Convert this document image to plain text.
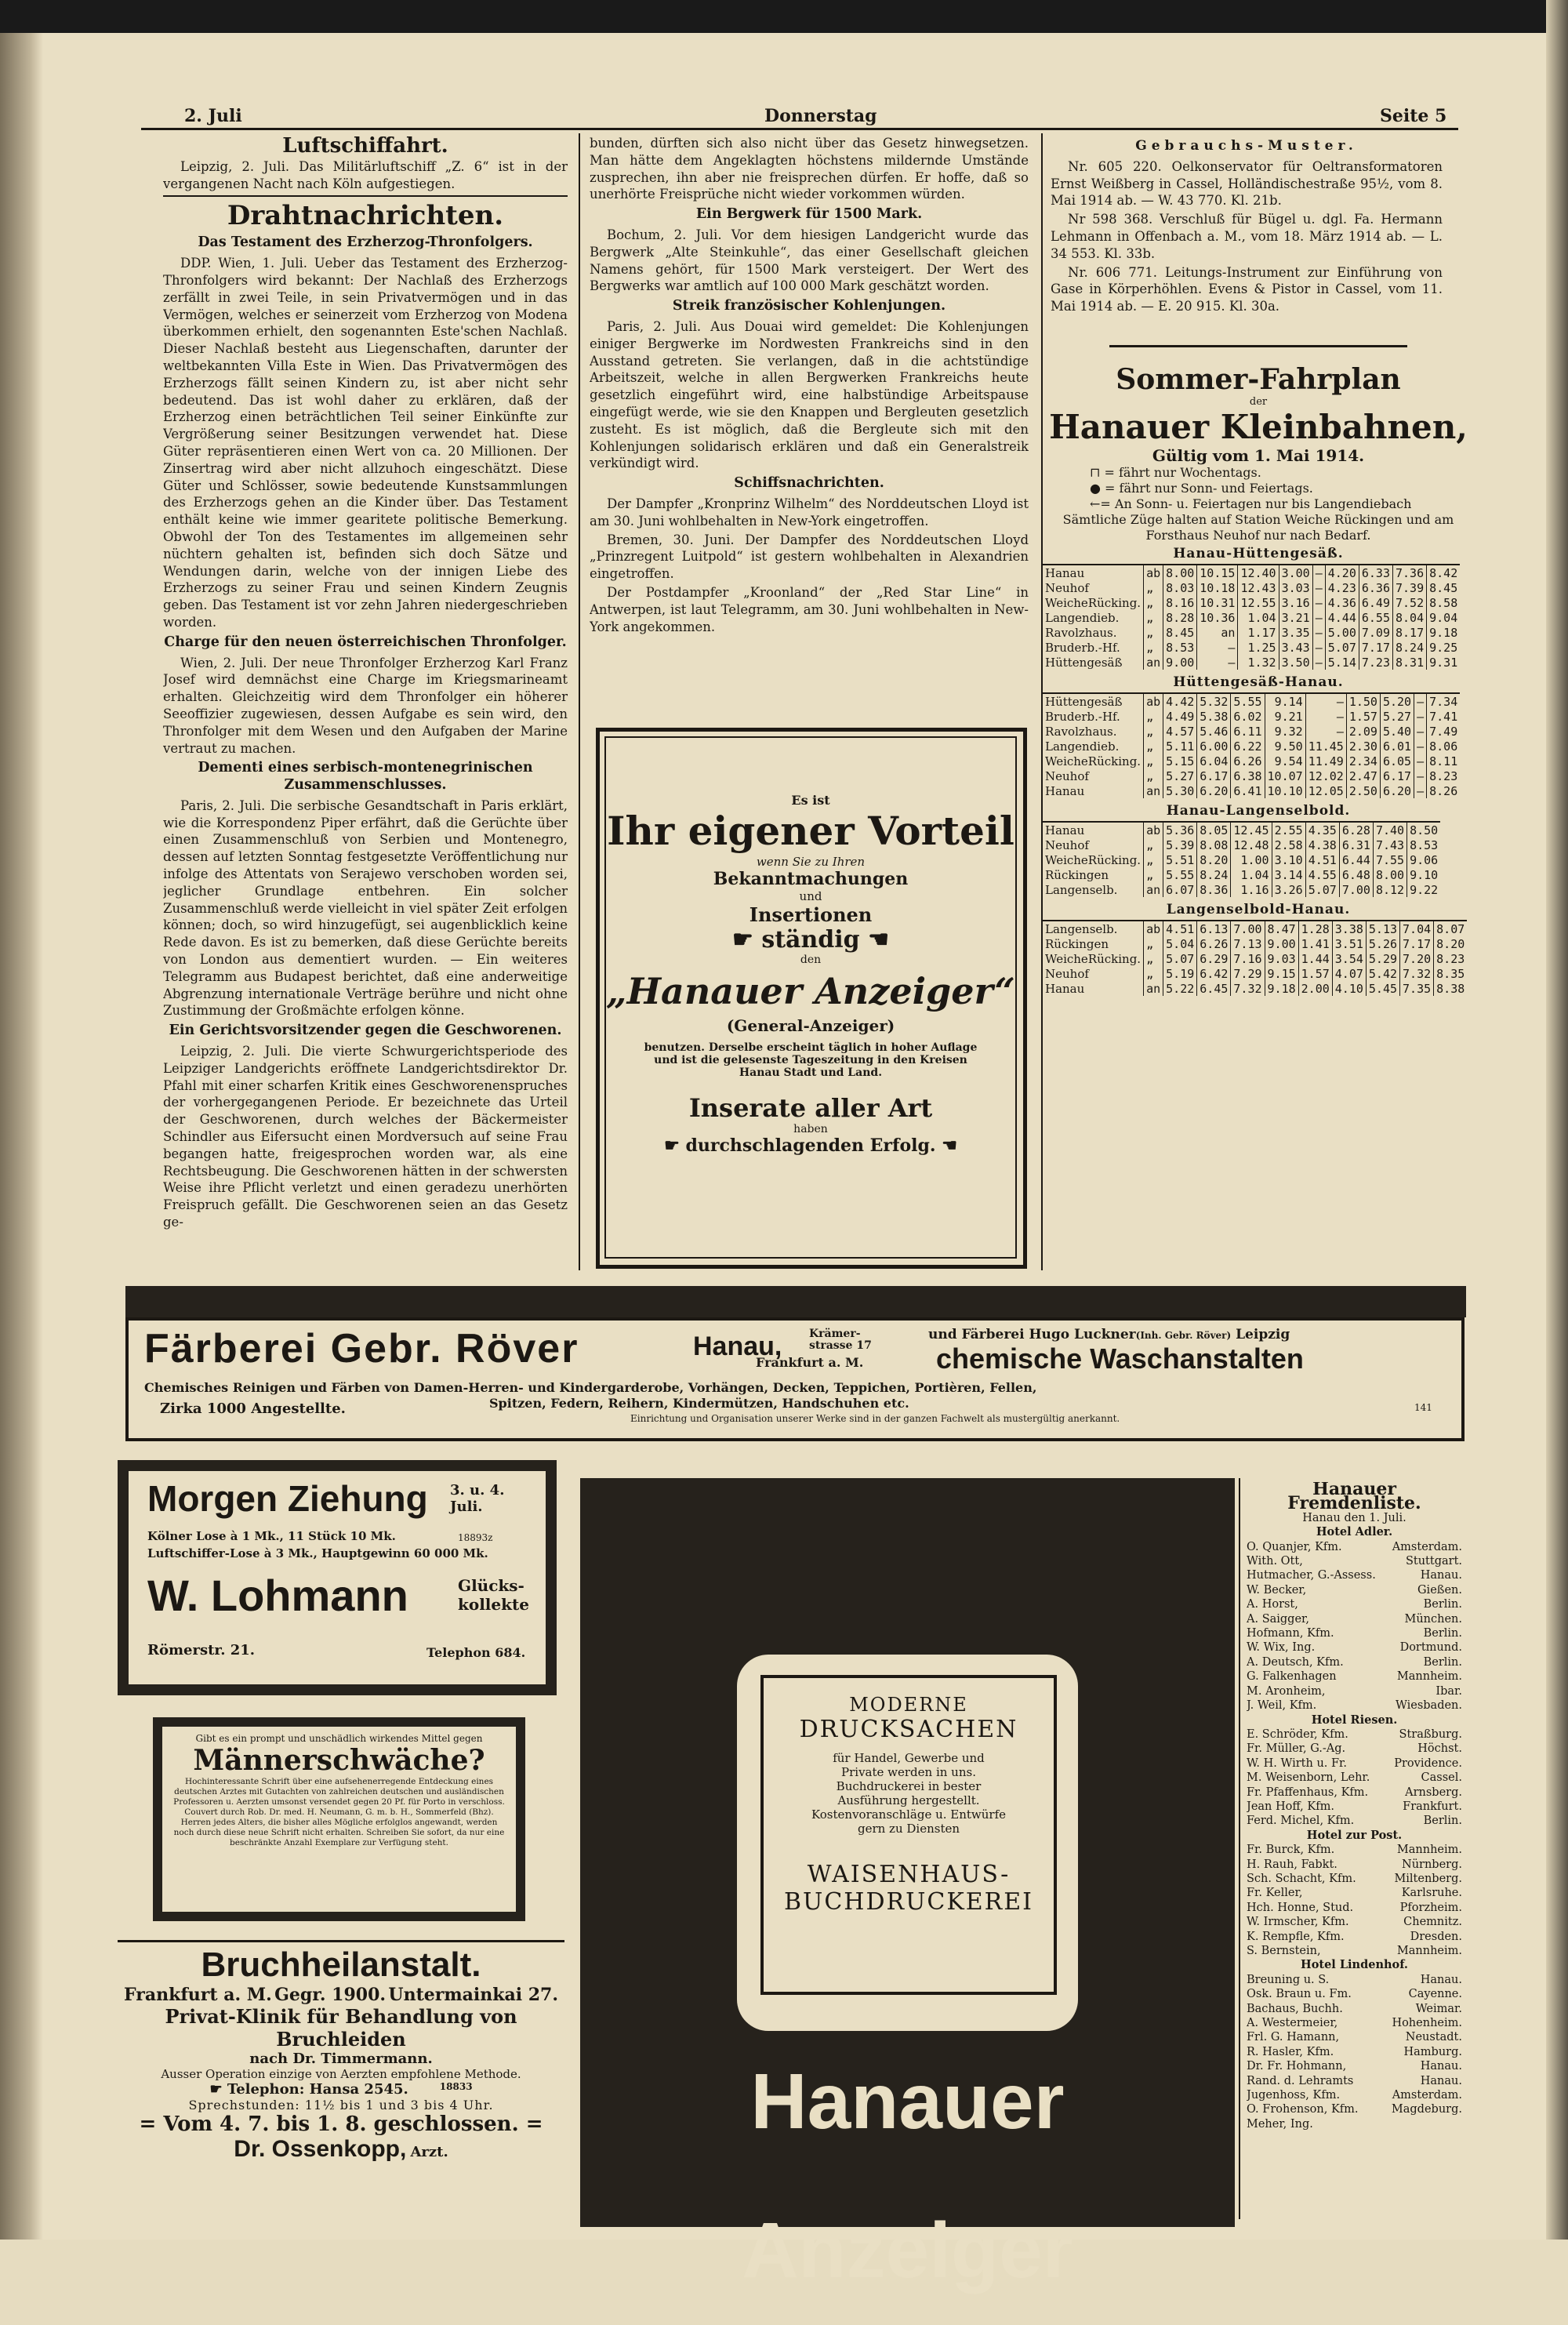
2. Juli	Donnerstag	Seite 5
Luftschiffahrt.

Leipzig, 2. Juli. Das Militärluftschiff „Z. 6“ ist in der vergangenen Nacht nach Köln aufgestiegen.

Drahtnachrichten.
Das Testament des Erzherzog-Thronfolgers.

DDP. Wien, 1. Juli. Ueber das Testament des Erzherzog-Thronfolgers wird bekannt: Der Nachlaß des Erzherzogs zerfällt in zwei Teile, in sein Privatvermögen und in das Vermögen, welches er seinerzeit vom Erzherzog von Modena überkommen erhielt, den sogenannten Este'schen Nachlaß. Dieser Nachlaß besteht aus Liegenschaften, darunter der weltbekannten Villa Este in Wien. Das Privatvermögen des Erzherzogs fällt seinen Kindern zu, ist aber nicht sehr bedeutend. Das ist wohl daher zu erklären, daß der Erzherzog einen beträchtlichen Teil seiner Einkünfte zur Vergrößerung seiner Besitzungen verwendet hat. Diese Güter repräsentieren einen Wert von ca. 20 Millionen. Der Zinsertrag wird aber nicht allzuhoch eingeschätzt. Diese Güter und Schlösser, sowie bedeutende Kunstsammlungen des Erzherzogs gehen an die Kinder über. Das Testament enthält keine wie immer gearitete politische Bemerkung. Obwohl der Ton des Testamentes im allgemeinen sehr nüchtern gehalten ist, befinden sich doch Sätze und Wendungen darin, welche von der innigen Liebe des Erzherzogs zu seiner Frau und seinen Kindern Zeugnis geben. Das Testament ist vor zehn Jahren niedergeschrieben worden.

Charge für den neuen österreichischen Thronfolger.

Wien, 2. Juli. Der neue Thronfolger Erzherzog Karl Franz Josef wird demnächst eine Charge im Kriegsmarineamt erhalten. Gleichzeitig wird dem Thronfolger ein höherer Seeoffizier zugewiesen, dessen Aufgabe es sein wird, den Thronfolger mit dem Wesen und den Aufgaben der Marine vertraut zu machen.

Dementi eines serbisch-montenegrinischen Zusammenschlusses.

Paris, 2. Juli. Die serbische Gesandtschaft in Paris erklärt, wie die Korrespondenz Piper erfährt, daß die Gerüchte über einen Zusammenschluß von Serbien und Montenegro, dessen auf letzten Sonntag festgesetzte Veröffentlichung nur infolge des Attentats von Serajewo verschoben worden sei, jeglicher Grundlage entbehren. Ein solcher Zusammenschluß werde vielleicht in viel später Zeit erfolgen können; doch, so wird hinzugefügt, sei augenblicklich keine Rede davon. Es ist zu bemerken, daß diese Gerüchte bereits von London aus dementiert wurden. — Ein weiteres Telegramm aus Budapest berichtet, daß eine anderweitige Abgrenzung internationale Verträge berühre und nicht ohne Zustimmung der Großmächte erfolgen könne.

Ein Gerichtsvorsitzender gegen die Geschworenen.

Leipzig, 2. Juli. Die vierte Schwurgerichtsperiode des Leipziger Landgerichts eröffnete Landgerichtsdirektor Dr. Pfahl mit einer scharfen Kritik eines Geschworenenspruches der vorhergegangenen Periode. Er bezeichnete das Urteil der Geschworenen, durch welches der Bäckermeister Schindler aus Eifersucht einen Mordversuch auf seine Frau begangen hatte, freigesprochen worden war, als eine Rechtsbeugung. Die Geschworenen hätten in der schwersten Weise ihre Pflicht verletzt und einen geradezu unerhörten Freispruch gefällt. Die Geschworenen seien an das Gesetz ge-

bunden, dürften sich also nicht über das Gesetz hinwegsetzen. Man hätte dem Angeklagten höchstens mildernde Umstände zusprechen, ihn aber nie freisprechen dürfen. Er hoffe, daß so unerhörte Freisprüche nicht wieder vorkommen würden.

Ein Bergwerk für 1500 Mark.

Bochum, 2. Juli. Vor dem hiesigen Landgericht wurde das Bergwerk „Alte Steinkuhle“, das einer Gesellschaft gleichen Namens gehört, für 1500 Mark versteigert. Der Wert des Bergwerks war amtlich auf 100 000 Mark geschätzt worden.

Streik französischer Kohlenjungen.

Paris, 2. Juli. Aus Douai wird gemeldet: Die Kohlenjungen einiger Bergwerke im Nordwesten Frankreichs sind in den Ausstand getreten. Sie verlangen, daß in die achtstündige Arbeitszeit, welche in allen Bergwerken Frankreichs heute gesetzlich eingeführt wird, eine halbstündige Arbeitspause eingefügt werde, wie sie den Knappen und Bergleuten gesetzlich zusteht. Es ist möglich, daß die Bergleute sich mit den Kohlenjungen solidarisch erklären und daß ein Generalstreik verkündigt wird.

Schiffsnachrichten.

Der Dampfer „Kronprinz Wilhelm“ des Norddeutschen Lloyd ist am 30. Juni wohlbehalten in New-York eingetroffen.

Bremen, 30. Juni. Der Dampfer des Norddeutschen Lloyd „Prinzregent Luitpold“ ist gestern wohlbehalten in Alexandrien eingetroffen.

Der Postdampfer „Kroonland“ der „Red Star Line“ in Antwerpen, ist laut Telegramm, am 30. Juni wohlbehalten in New-York angekommen.

Es ist
Ihr eigener Vorteil
wenn Sie zu Ihren
Bekanntmachungen
und
Insertionen
☛ ständig ☚
den
„Hanauer Anzeiger“
(General-Anzeiger)
benutzen. Derselbe erscheint täglich in hoher Auflage
und ist die gelesenste Tageszeitung in den Kreisen
Hanau Stadt und Land.
Inserate aller Art
haben
☛ durchschlagenden Erfolg. ☚
Gebrauchs-Muster.

Nr. 605 220. Oelkonservator für Oeltransformatoren Ernst Weißberg in Cassel, Holländischestraße 95½, vom 8. Mai 1914 ab. — W. 43 770. Kl. 21b.

Nr 598 368. Verschluß für Bügel u. dgl. Fa. Hermann Lehmann in Offenbach a. M., vom 18. März 1914 ab. — L. 34 553. Kl. 33b.

Nr. 606 771. Leitungs-Instrument zur Einführung von Gase in Körperhöhlen. Evens & Pistor in Cassel, vom 11. Mai 1914 ab. — E. 20 915. Kl. 30a.

Sommer-Fahrplan
der
Hanauer Kleinbahnen,
Gültig vom 1. Mai 1914.
⊓ = fährt nur Wochentags.
● = fährt nur Sonn- und Feiertags.
←= An Sonn- u. Feiertagen nur bis Langendiebach
Sämtliche Züge halten auf Station Weiche Rückingen und am Forsthaus Neuhof nur nach Bedarf.
Hanau-Hüttengesäß.
Hanau	ab	8.00	10.15	12.40	3.00	—	4.20	6.33	7.36	8.42
Neuhof	„	8.03	10.18	12.43	3.03	—	4.23	6.36	7.39	8.45
WeicheRücking.	„	8.16	10.31	12.55	3.16	—	4.36	6.49	7.52	8.58
Langendieb.	„	8.28	10.36	1.04	3.21	—	4.44	6.55	8.04	9.04
Ravolzhaus.	„	8.45	an	1.17	3.35	—	5.00	7.09	8.17	9.18
Bruderb.-Hf.	„	8.53	—	1.25	3.43	—	5.07	7.17	8.24	9.25
Hüttengesäß	an	9.00	—	1.32	3.50	—	5.14	7.23	8.31	9.31
Hüttengesäß-Hanau.
Hüttengesäß	ab	4.42	5.32	5.55	9.14	—	1.50	5.20	—	7.34
Bruderb.-Hf.	„	4.49	5.38	6.02	9.21	—	1.57	5.27	—	7.41
Ravolzhaus.	„	4.57	5.46	6.11	9.32	—	2.09	5.40	—	7.49
Langendieb.	„	5.11	6.00	6.22	9.50	11.45	2.30	6.01	—	8.06
WeicheRücking.	„	5.15	6.04	6.26	9.54	11.49	2.34	6.05	—	8.11
Neuhof	„	5.27	6.17	6.38	10.07	12.02	2.47	6.17	—	8.23
Hanau	an	5.30	6.20	6.41	10.10	12.05	2.50	6.20	—	8.26
Hanau-Langenselbold.
Hanau	ab	5.36	8.05	12.45	2.55	4.35	6.28	7.40	8.50
Neuhof	„	5.39	8.08	12.48	2.58	4.38	6.31	7.43	8.53
WeicheRücking.	„	5.51	8.20	1.00	3.10	4.51	6.44	7.55	9.06
Rückingen	„	5.55	8.24	1.04	3.14	4.55	6.48	8.00	9.10
Langenselb.	an	6.07	8.36	1.16	3.26	5.07	7.00	8.12	9.22
Langenselbold-Hanau.
Langenselb.	ab	4.51	6.13	7.00	8.47	1.28	3.38	5.13	7.04	8.07
Rückingen	„	5.04	6.26	7.13	9.00	1.41	3.51	5.26	7.17	8.20
WeicheRücking.	„	5.07	6.29	7.16	9.03	1.44	3.54	5.29	7.20	8.23
Neuhof	„	5.19	6.42	7.29	9.15	1.57	4.07	5.42	7.32	8.35
Hanau	an	5.22	6.45	7.32	9.18	2.00	4.10	5.45	7.35	8.38
Färberei Gebr. Röver	Hanau, Krämer-strasse 17
Frankfurt a. M.
und Färberei Hugo Luckner(Inh. Gebr. Röver) Leipzig
chemische Waschanstalten
Chemisches Reinigen und Färben von Damen-Herren- und Kindergarderobe, Vorhängen, Decken, Teppichen, Portièren, Fellen,
Spitzen, Federn, Reihern, Kindermützen, Handschuhen etc.
Zirka 1000 Angestellte.
Einrichtung und Organisation unserer Werke sind in der ganzen Fachwelt als mustergültig anerkannt.
141
Morgen Ziehung 3. u. 4. Juli.
Kölner Lose à 1 Mk., 11 Stück 10 Mk.	18893z
Luftschiffer-Lose à 3 Mk., Hauptgewinn 60 000 Mk.
W. Lohmann	Glücks-kollekte
Römerstr. 21.	Telephon 684.
Gibt es ein prompt und unschädlich wirkendes Mittel gegen
Männerschwäche?
Hochinteressante Schrift über eine aufsehenerregende Entdeckung eines deutschen Arztes mit Gutachten von zahlreichen deutschen und ausländischen Professoren u. Aerzten umsonst versendet gegen 20 Pf. für Porto in verschloss. Couvert durch Rob. Dr. med. H. Neumann, G. m. b. H., Sommerfeld (Bhz). Herren jedes Alters, die bisher alles Mögliche erfolglos angewandt, werden noch durch diese neue Schrift nicht erhalten. Schreiben Sie sofort, da nur eine beschränkte Anzahl Exemplare zur Verfügung steht.
Bruchheilanstalt.
Frankfurt a. M. Gegr. 1900. Untermainkai 27.
Privat-Klinik für Behandlung von Bruchleiden
nach Dr. Timmermann.
Ausser Operation einzige von Aerzten empfohlene Methode.
☛ Telephon: Hansa 2545.	18833
Sprechstunden: 11½ bis 1 und 3 bis 4 Uhr.
= Vom 4. 7. bis 1. 8. geschlossen. =
Dr. Ossenkopp, Arzt.
MODERNE
DRUCKSACHEN
für Handel, Gewerbe und Private werden in uns. Buchdruckerei in bester Ausführung hergestellt. Kostenvoranschläge u. Entwürfe gern zu Diensten
WAISENHAUS-
BUCHDRUCKEREI
Hanauer Anzeiger
Hanauer Fremdenliste.
Hanau den 1. Juli.
Hotel Adler.
O. Quanjer, Kfm.	Amsterdam.
With. Ott,	Stuttgart.
Hutmacher, G.-Assess.	Hanau.
W. Becker,	Gießen.
A. Horst,	Berlin.
A. Saigger,	München.
Hofmann, Kfm.	Berlin.
W. Wix, Ing.	Dortmund.
A. Deutsch, Kfm.	Berlin.
G. Falkenhagen	Mannheim.
M. Aronheim,	Ibar.
J. Weil, Kfm.	Wiesbaden.
Hotel Riesen.
E. Schröder, Kfm.	Straßburg.
Fr. Müller, G.-Ag.	Höchst.
W. H. Wirth u. Fr.	Providence.
M. Weisenborn, Lehr.	Cassel.
Fr. Pfaffenhaus, Kfm.	Arnsberg.
Jean Hoff, Kfm.	Frankfurt.
Ferd. Michel, Kfm.	Berlin.
Hotel zur Post.
Fr. Burck, Kfm.	Mannheim.
H. Rauh, Fabkt.	Nürnberg.
Sch. Schacht, Kfm.	Miltenberg.
Fr. Keller,	Karlsruhe.
Hch. Honne, Stud.	Pforzheim.
W. Irmscher, Kfm.	Chemnitz.
K. Rempfle, Kfm.	Dresden.
S. Bernstein,	Mannheim.
Hotel Lindenhof.
Breuning u. S.	Hanau.
Osk. Braun u. Fm.	Cayenne.
Bachaus, Buchh.	Weimar.
A. Westermeier,	Hohenheim.
Frl. G. Hamann,	Neustadt.
R. Hasler, Kfm.	Hamburg.
Dr. Fr. Hohmann,	Hanau.
Rand. d. Lehramts	Hanau.
Jugenhoss, Kfm.	Amsterdam.
O. Frohenson, Kfm.	Magdeburg.
Meher, Ing.
